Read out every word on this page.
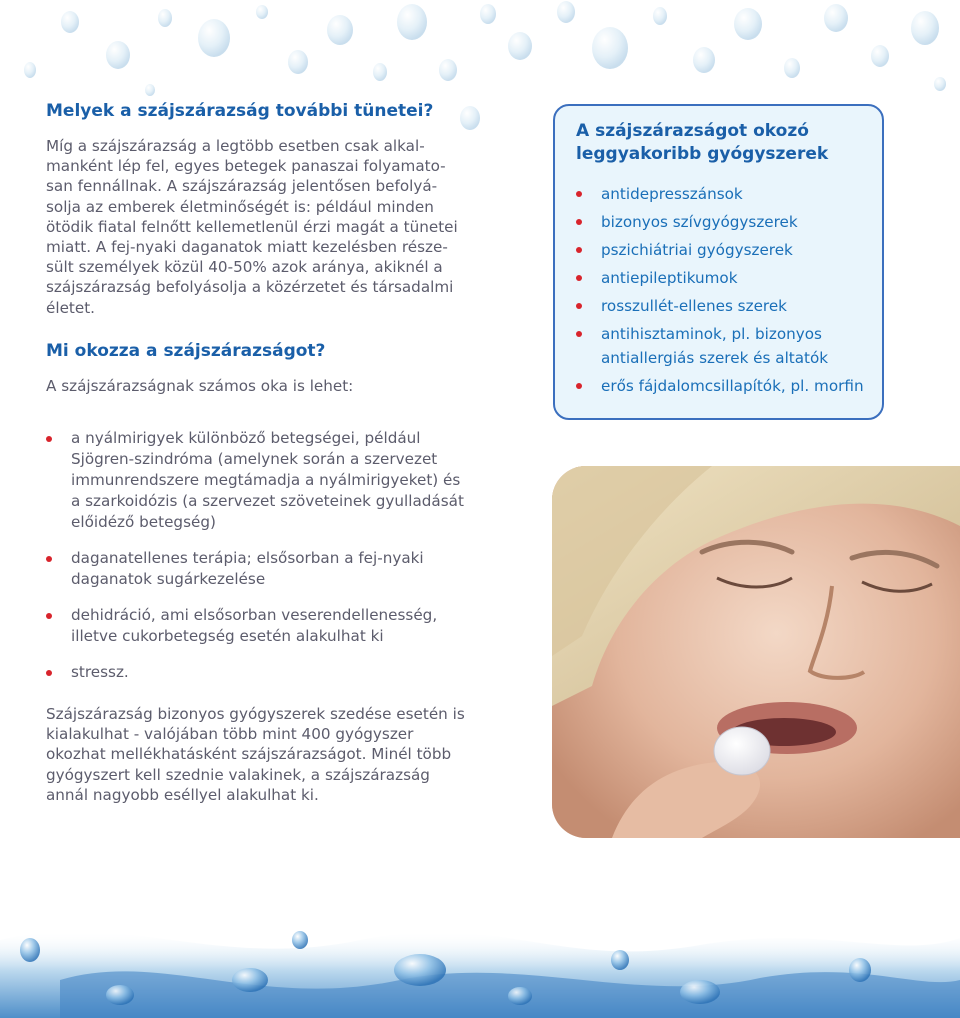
Melyek a szájszárazság további tünetei?

Míg a szájszárazság a legtöbb esetben csak alkal- manként lép fel, egyes betegek panaszai folyamato- san fennállnak. A szájszárazság jelentősen befolyá- solja az emberek életminőségét is: például minden ötödik fiatal felnőtt kellemetlenül érzi magát a tünetei miatt. A fej-nyaki daganatok miatt kezelésben része- sült személyek közül 40-50% azok aránya, akiknél a szájszárazság befolyásolja a közérzetet és társadalmi életet.

Mi okozza a szájszárazságot?

A szájszárazságnak számos oka is lehet:

a nyálmirigyek különböző betegségei, például Sjögren-szindróma (amelynek során a szervezet immunrendszere megtámadja a nyálmirigyeket) és a szarkoidózis (a szervezet szöveteinek gyulladását előidéző betegség)
daganatellenes terápia; elsősorban a fej-nyaki daganatok sugárkezelése
dehidráció, ami elsősorban veserendellenesség, illetve cukorbetegség esetén alakulhat ki
stressz.

Szájszárazság bizonyos gyógyszerek szedése esetén is kialakulhat - valójában több mint 400 gyógyszer okozhat mellékhatásként szájszárazságot. Minél több gyógyszert kell szednie valakinek, a szájszárazság annál nagyobb eséllyel alakulhat ki.

A szájszárazságot okozó leggyakoribb gyógyszerek
antidepresszánsok
bizonyos szívgyógyszerek
pszichiátriai gyógyszerek
antiepileptikumok
rosszullét-ellenes szerek
antihisztaminok, pl. bizonyos antiallergiás szerek és altatók
erős fájdalomcsillapítók, pl. morfin
